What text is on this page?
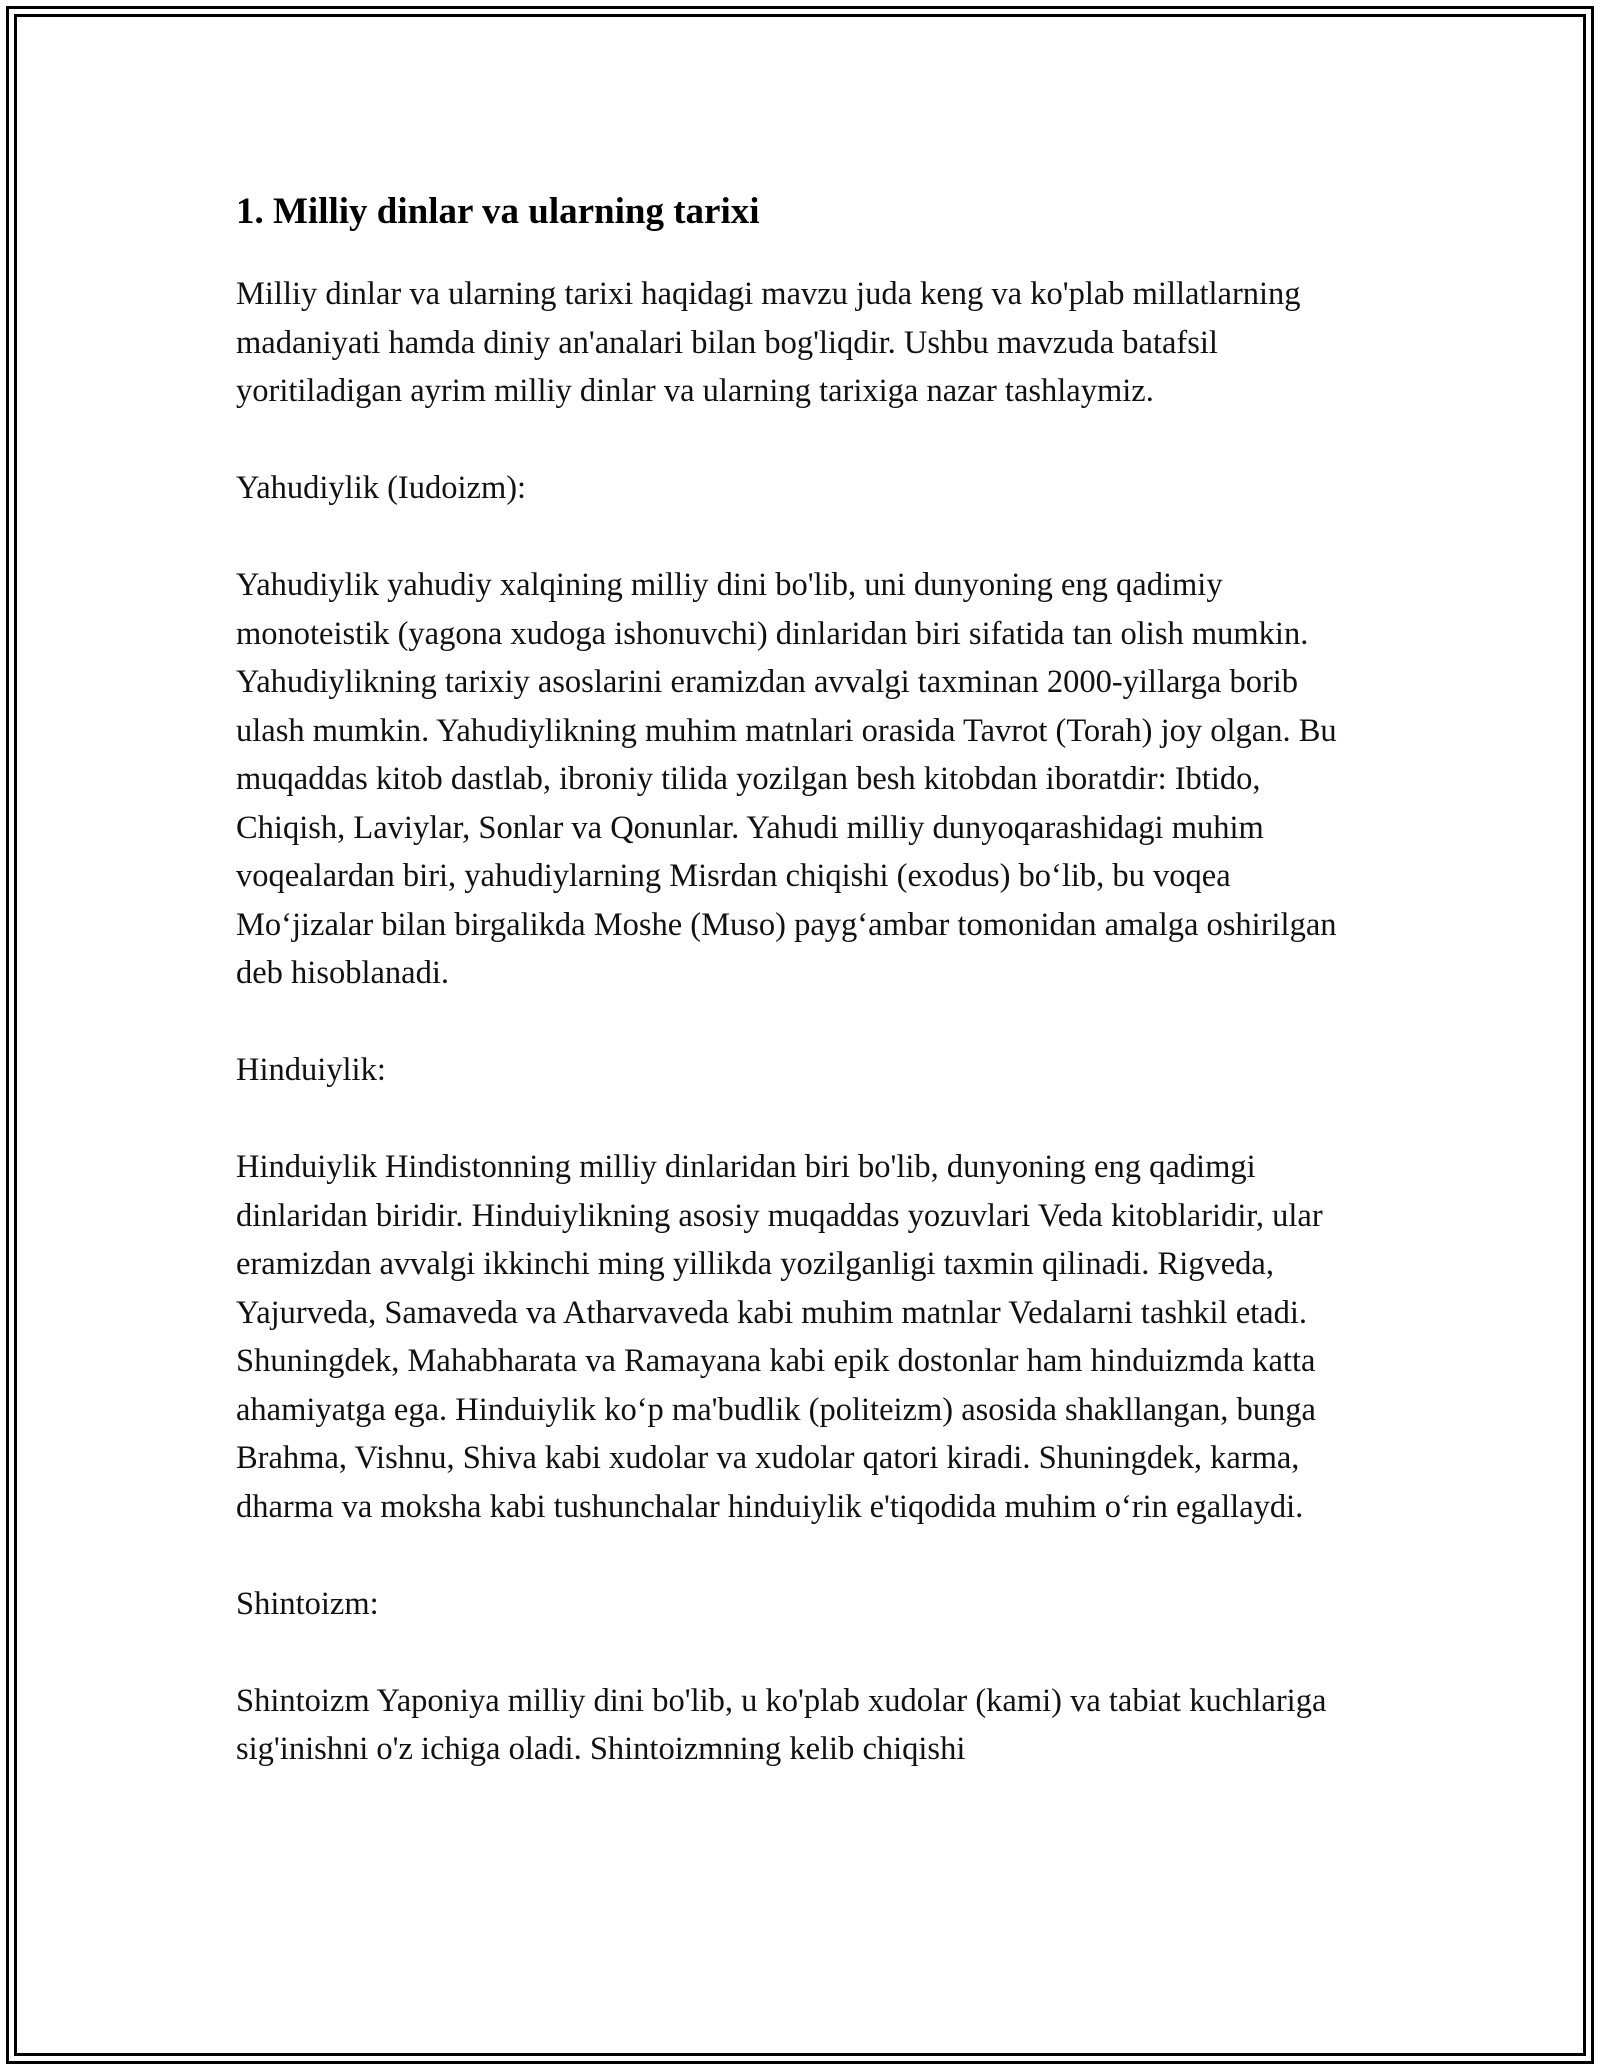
1. Milliy dinlar va ularning tarixi

Milliy dinlar va ularning tarixi haqidagi mavzu juda keng va ko'plab millatlarning madaniyati hamda diniy an'analari bilan bog'liqdir. Ushbu mavzuda batafsil yoritiladigan ayrim milliy dinlar va ularning tarixiga nazar tashlaymiz.

Yahudiylik (Iudoizm):

Yahudiylik yahudiy xalqining milliy dini bo'lib, uni dunyoning eng qadimiy monoteistik (yagona xudoga ishonuvchi) dinlaridan biri sifatida tan olish mumkin. Yahudiylikning tarixiy asoslarini eramizdan avvalgi taxminan 2000-yillarga borib ulash mumkin. Yahudiylikning muhim matnlari orasida Tavrot (Torah) joy olgan. Bu muqaddas kitob dastlab, ibroniy tilida yozilgan besh kitobdan iboratdir: Ibtido, Chiqish, Laviylar, Sonlar va Qonunlar. Yahudi milliy dunyoqarashidagi muhim voqealardan biri, yahudiylarning Misrdan chiqishi (exodus) bo‘lib, bu voqea Mo‘jizalar bilan birgalikda Moshe (Muso) payg‘ambar tomonidan amalga oshirilgan deb hisoblanadi.

Hinduiylik:

Hinduiylik Hindistonning milliy dinlaridan biri bo'lib, dunyoning eng qadimgi dinlaridan biridir. Hinduiylikning asosiy muqaddas yozuvlari Veda kitoblaridir, ular eramizdan avvalgi ikkinchi ming yillikda yozilganligi taxmin qilinadi. Rigveda, Yajurveda, Samaveda va Atharvaveda kabi muhim matnlar Vedalarni tashkil etadi. Shuningdek, Mahabharata va Ramayana kabi epik dostonlar ham hinduizmda katta ahamiyatga ega. Hinduiylik ko‘p ma'budlik (politeizm) asosida shakllangan, bunga Brahma, Vishnu, Shiva kabi xudolar va xudolar qatori kiradi. Shuningdek, karma, dharma va moksha kabi tushunchalar hinduiylik e'tiqodida muhim o‘rin egallaydi.

Shintoizm:

Shintoizm Yaponiya milliy dini bo'lib, u ko'plab xudolar (kami) va tabiat kuchlariga sig'inishni o'z ichiga oladi. Shintoizmning kelib chiqishi
